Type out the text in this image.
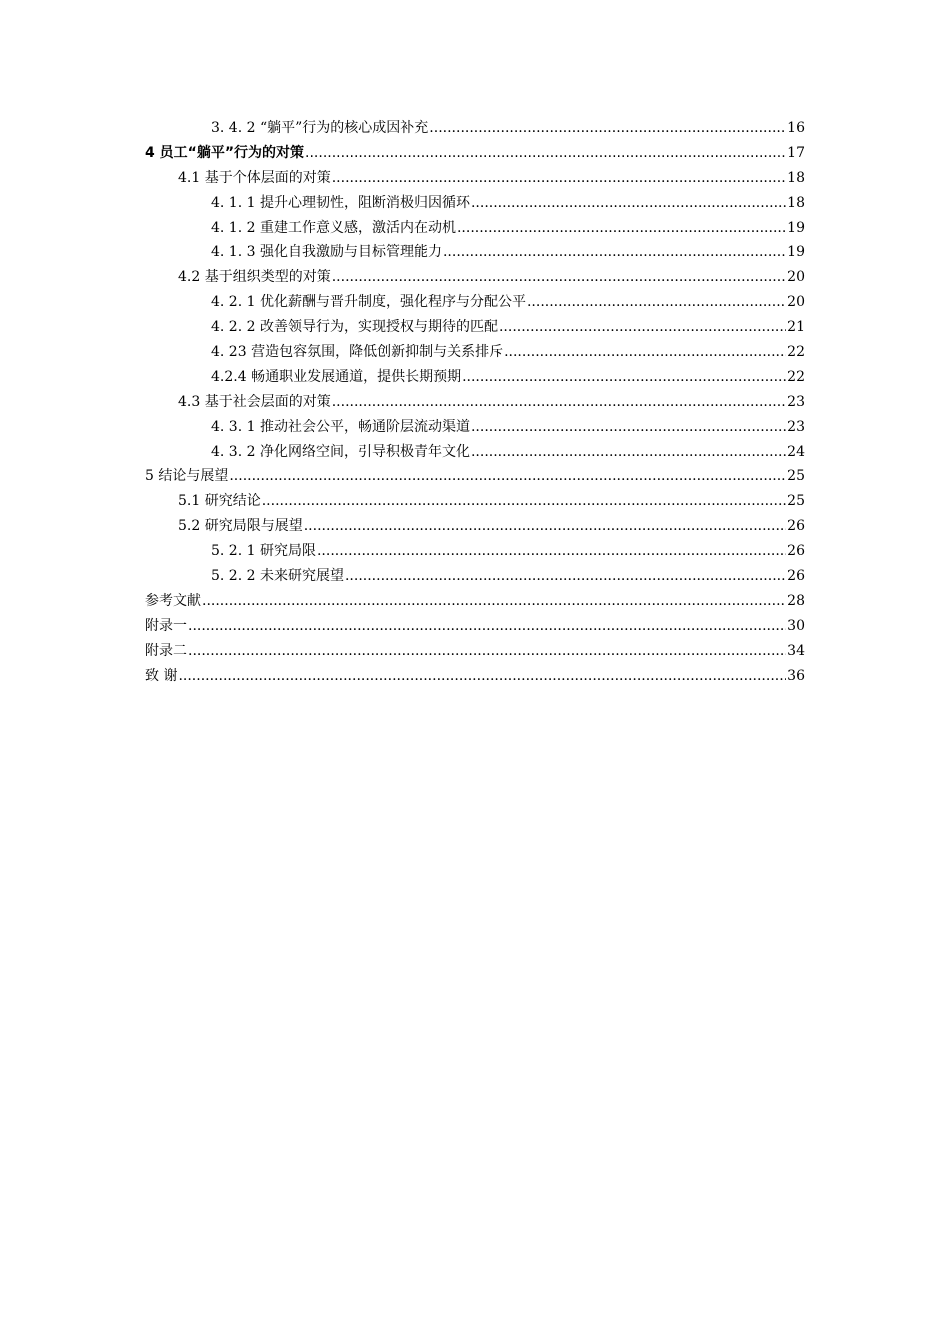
3. 4. 2 “躺平”行为的核心成因补充 .....	16
4 员工“躺平”行为的对策 .....	17
4.1 基于个体层面的对策 .....	18
4. 1. 1 提升心理韧性，阻断消极归因循环 .....	18
4. 1. 2 重建工作意义感，激活内在动机 .....	19
4. 1. 3 强化自我激励与目标管理能力 .....	19
4.2 基于组织类型的对策 .....	20
4. 2. 1 优化薪酬与晋升制度，强化程序与分配公平 .....	20
4. 2. 2 改善领导行为，实现授权与期待的匹配 .....	21
4. 23 营造包容氛围，降低创新抑制与关系排斥 .....	22
4.2.4 畅通职业发展通道，提供长期预期 .....	22
4.3 基于社会层面的对策 .....	23
4. 3. 1 推动社会公平，畅通阶层流动渠道 .....	23
4. 3. 2 净化网络空间，引导积极青年文化 .....	24
5 结论与展望 .....	25
5.1 研究结论 .....	25
5.2 研究局限与展望 .....	26
5. 2. 1 研究局限 .....	26
5. 2. 2 未来研究展望 .....	26
参考文献 .....	28
附录一 .....	30
附录二 .....	34
致 谢 .....	36
